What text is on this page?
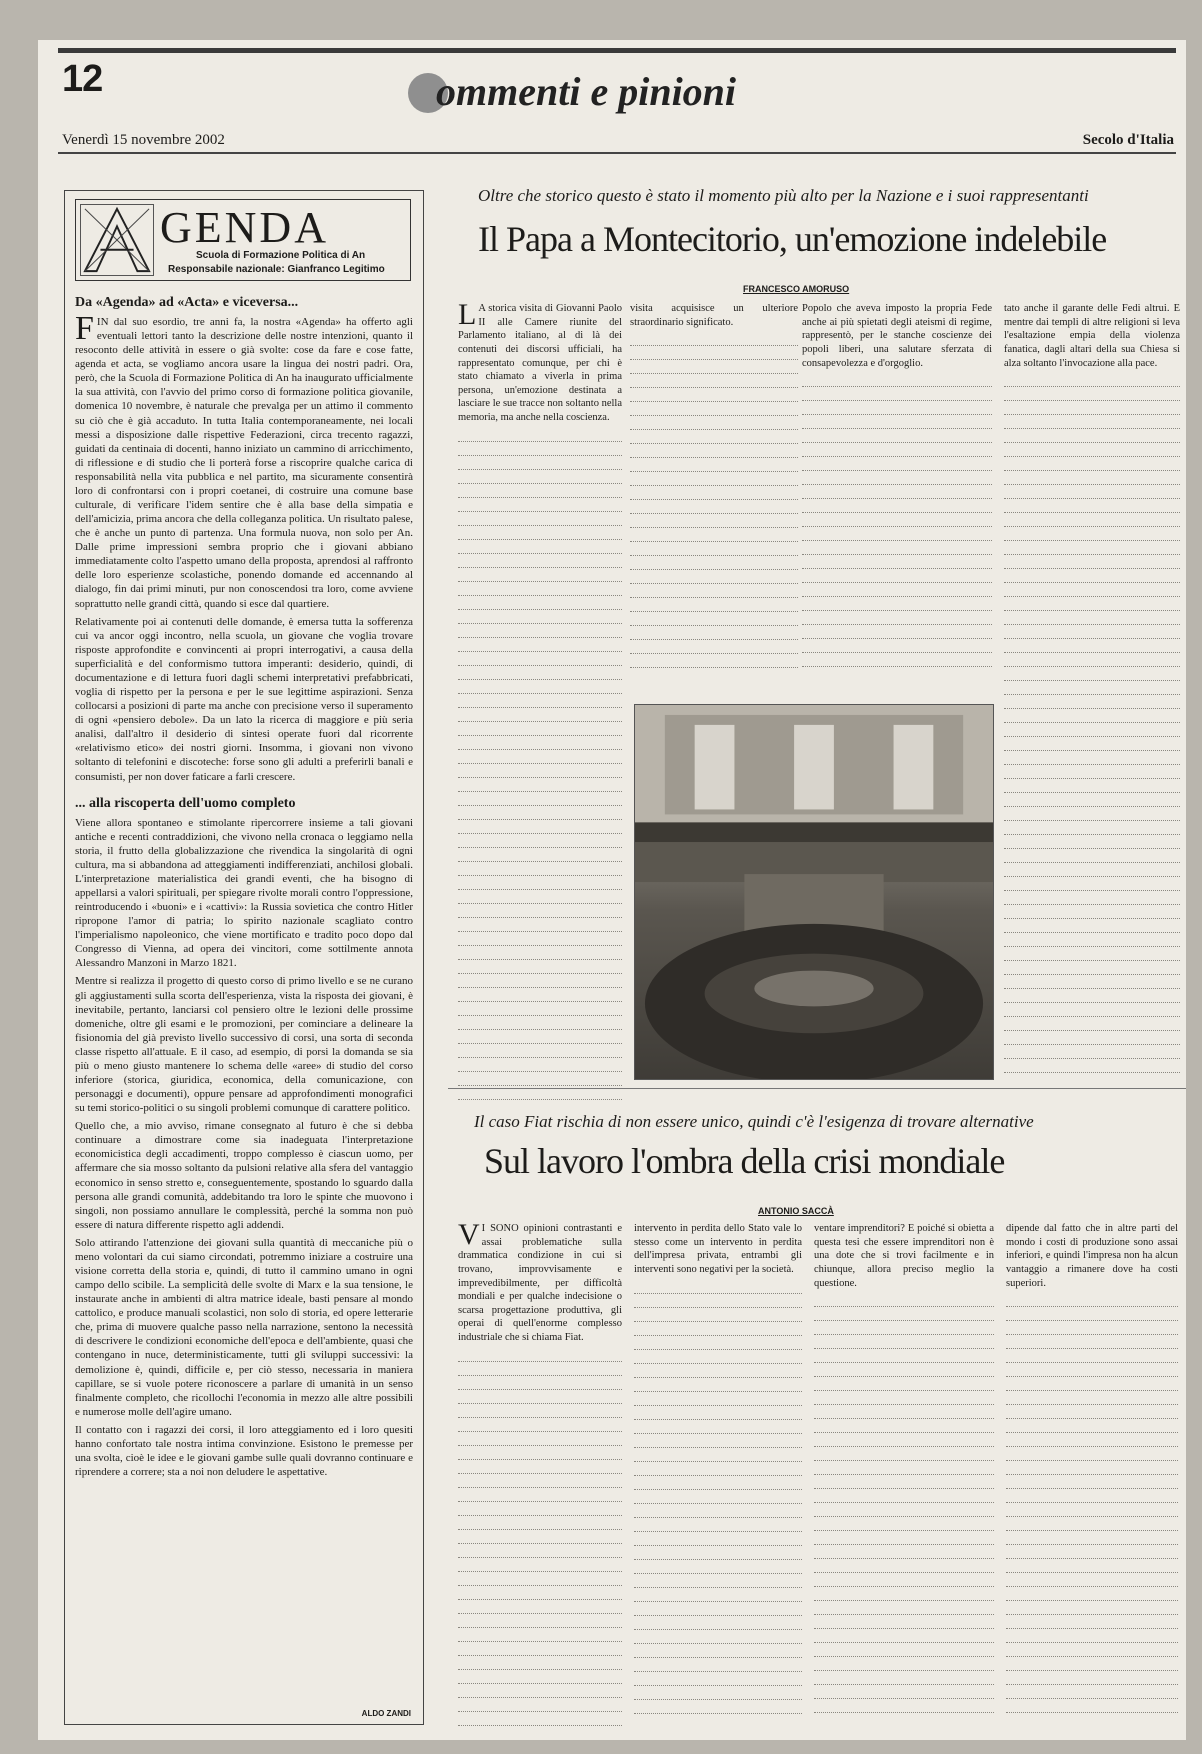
12	ommenti e pinioni
Venerdì 15 novembre 2002	Secolo d'Italia
GENDA
Scuola di Formazione Politica di An
Responsabile nazionale: Gianfranco Legitimo
Da «Agenda» ad «Acta» e viceversa...

FIN dal suo esordio, tre anni fa, la nostra «Agenda» ha offerto agli eventuali lettori tanto la descrizione delle nostre intenzioni, quanto il resoconto delle attività in essere o già svolte: cose da fare e cose fatte, agenda et acta, se vogliamo ancora usare la lingua dei nostri padri. Ora, però, che la Scuola di Formazione Politica di An ha inaugurato ufficialmente la sua attività, con l'avvio del primo corso di formazione politica giovanile, domenica 10 novembre, è naturale che prevalga per un attimo il commento su ciò che è già accaduto. In tutta Italia contemporaneamente, nei locali messi a disposizione dalle rispettive Federazioni, circa trecento ragazzi, guidati da centinaia di docenti, hanno iniziato un cammino di arricchimento, di riflessione e di studio che li porterà forse a riscoprire qualche carica di responsabilità nella vita pubblica e nel partito, ma sicuramente consentirà loro di confrontarsi con i propri coetanei, di costruire una comune base culturale, di verificare l'idem sentire che è alla base della simpatia e dell'amicizia, prima ancora che della colleganza politica. Un risultato palese, che è anche un punto di partenza. Una formula nuova, non solo per An. Dalle prime impressioni sembra proprio che i giovani abbiano immediatamente colto l'aspetto umano della proposta, aprendosi al raffronto delle loro esperienze scolastiche, ponendo domande ed accennando al dialogo, fin dai primi minuti, pur non conoscendosi tra loro, come avviene soprattutto nelle grandi città, quando si esce dal quartiere.

Relativamente poi ai contenuti delle domande, è emersa tutta la sofferenza cui va ancor oggi incontro, nella scuola, un giovane che voglia trovare risposte approfondite e convincenti ai propri interrogativi, a causa della superficialità e del conformismo tuttora imperanti: desiderio, quindi, di documentazione e di lettura fuori dagli schemi interpretativi prefabbricati, voglia di rispetto per la persona e per le sue legittime aspirazioni. Senza collocarsi a posizioni di parte ma anche con precisione verso il superamento di ogni «pensiero debole». Da un lato la ricerca di maggiore e più seria analisi, dall'altro il desiderio di sintesi operate fuori dal ricorrente «relativismo etico» dei nostri giorni. Insomma, i giovani non vivono soltanto di telefonini e discoteche: forse sono gli adulti a preferirli banali e consumisti, per non dover faticare a farli crescere.

... alla riscoperta dell'uomo completo

Viene allora spontaneo e stimolante ripercorrere insieme a tali giovani antiche e recenti contraddizioni, che vivono nella cronaca o leggiamo nella storia, il frutto della globalizzazione che rivendica la singolarità di ogni cultura, ma si abbandona ad atteggiamenti indifferenziati, anchilosi globali. L'interpretazione materialistica dei grandi eventi, che ha bisogno di appellarsi a valori spirituali, per spiegare rivolte morali contro l'oppressione, reintroducendo i «buoni» e i «cattivi»: la Russia sovietica che contro Hitler ripropone l'amor di patria; lo spirito nazionale scagliato contro l'imperialismo napoleonico, che viene mortificato e tradito poco dopo dal Congresso di Vienna, ad opera dei vincitori, come sottilmente annota Alessandro Manzoni in Marzo 1821.

Mentre si realizza il progetto di questo corso di primo livello e se ne curano gli aggiustamenti sulla scorta dell'esperienza, vista la risposta dei giovani, è inevitabile, pertanto, lanciarsi col pensiero oltre le lezioni delle prossime domeniche, oltre gli esami e le promozioni, per cominciare a delineare la fisionomia del già previsto livello successivo di corsi, una sorta di seconda classe rispetto all'attuale. E il caso, ad esempio, di porsi la domanda se sia più o meno giusto mantenere lo schema delle «aree» di studio del corso inferiore (storica, giuridica, economica, della comunicazione, con personaggi e documenti), oppure pensare ad approfondimenti monografici su temi storico-politici o su singoli problemi comunque di carattere politico.

Quello che, a mio avviso, rimane consegnato al futuro è che si debba continuare a dimostrare come sia inadeguata l'interpretazione economicistica degli accadimenti, troppo complesso è ciascun uomo, per affermare che sia mosso soltanto da pulsioni relative alla sfera del vantaggio economico in senso stretto e, conseguentemente, spostando lo sguardo dalla persona alle grandi comunità, addebitando tra loro le spinte che muovono i singoli, non possiamo annullare le complessità, perché la somma non può essere di natura differente rispetto agli addendi.

Solo attirando l'attenzione dei giovani sulla quantità di meccaniche più o meno volontari da cui siamo circondati, potremmo iniziare a costruire una visione corretta della storia e, quindi, di tutto il cammino umano in ogni campo dello scibile. La semplicità delle svolte di Marx e la sua tensione, le instaurate anche in ambienti di altra matrice ideale, basti pensare al mondo cattolico, e produce manuali scolastici, non solo di storia, ed opere letterarie che, prima di muovere qualche passo nella narrazione, sentono la necessità di descrivere le condizioni economiche dell'epoca e dell'ambiente, quasi che contengano in nuce, deterministicamente, tutti gli sviluppi successivi: la demolizione è, quindi, difficile e, per ciò stesso, necessaria in maniera capillare, se si vuole potere riconoscere a parlare di umanità in un senso finalmente completo, che ricollochi l'economia in mezzo alle altre possibili e numerose molle dell'agire umano.

Il contatto con i ragazzi dei corsi, il loro atteggiamento ed i loro quesiti hanno confortato tale nostra intima convinzione. Esistono le premesse per una svolta, cioè le idee e le giovani gambe sulle quali dovranno continuare e riprendere a correre; sta a noi non deludere le aspettative.

ALDO ZANDI
Oltre che storico questo è stato il momento più alto per la Nazione e i suoi rappresentanti
Il Papa a Montecitorio, un'emozione indelebile
FRANCESCO AMORUSO
L A storica visita di Giovanni Paolo II alle Camere riunite del Parlamento italiano, al di là dei contenuti dei discorsi ufficiali, ha rappresentato comunque, per chi è stato chiamato a viverla in prima persona, un'emozione destinata a lasciare le sue tracce non soltanto nella memoria, ma anche nella coscienza.
visita acquisisce un ulteriore straordinario significato.
Popolo che aveva imposto la propria Fede anche ai più spietati degli ateismi di regime, rappresentò, per le stanche coscienze dei popoli liberi, una salutare sferzata di consapevolezza e d'orgoglio.
tato anche il garante delle Fedi altrui. E mentre dai templi di altre religioni si leva l'esaltazione empia della violenza fanatica, dagli altari della sua Chiesa si alza soltanto l'invocazione alla pace.
Il caso Fiat rischia di non essere unico, quindi c'è l'esigenza di trovare alternative
Sul lavoro l'ombra della crisi mondiale
ANTONIO SACCÀ
V I SONO opinioni contrastanti e assai problematiche sulla drammatica condizione in cui si trovano, improvvisamente e imprevedibilmente, per difficoltà mondiali e per qualche indecisione o scarsa progettazione produttiva, gli operai di quell'enorme complesso industriale che si chiama Fiat.
intervento in perdita dello Stato vale lo stesso come un intervento in perdita dell'impresa privata, entrambi gli interventi sono negativi per la società.
ventare imprenditori? E poiché si obietta a questa tesi che essere imprenditori non è una dote che si trovi facilmente e in chiunque, allora preciso meglio la questione.
dipende dal fatto che in altre parti del mondo i costi di produzione sono assai inferiori, e quindi l'impresa non ha alcun vantaggio a rimanere dove ha costi superiori.
